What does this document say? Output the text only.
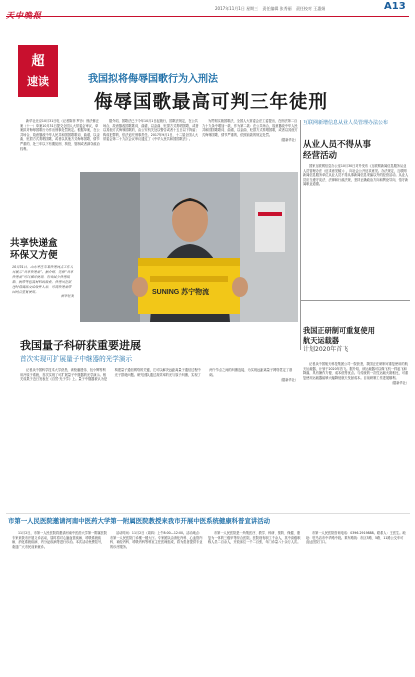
2017年11月1日 星期三 责任编辑 张秀丽 责任校对 王惠娟	A13
超
速读	我国拟将侮辱国歌行为入刑法
侮辱国歌最高可判三年徒刑

新华社北京10月31日电（记者陈菲 罗沙）刑法修正案（十一）草案10月31日提交全国人大常委会审议，草案拟对侮辱国歌行为作出刑事处罚规定。根据草案，在公共场合，故意篡改中华人民共和国国歌歌词、曲谱，以歪曲、贬损方式奏唱国歌，或者以其他方式侮辱国歌，情节严重的，处三年以下有期徒刑、拘役、管制或者剥夺政治权利。

据介绍，国歌法已于今年10月1日起施行，国歌法规定，在公共场合，故意篡改国歌歌词、曲谱，以歪曲、贬损方式奏唱国歌，或者以其他方式侮辱国歌的，由公安机关处以警告或者十五日以下拘留；构成犯罪的，依法追究刑事责任。2017年9月1日，十二届全国人大常委会第二十九次会议审议通过了《中华人民共和国国歌法》。

为贯彻实施国歌法，全国人大常委会法工委提出，在刑法第二百九十九条中增加一款，作为第二款：在公共场合，故意篡改中华人民共和国国歌歌词、曲谱，以歪曲、贬损方式奏唱国歌，或者以其他方式侮辱国歌，情节严重的，依照前款的规定处罚。

（据新华社）
互联网新增信息从业人员管理办法公布
从业人员不得从事
经营活动

国家互联网信息办公室10月30日对外发布《互联网新闻信息服务从业人员管理办法（征求意见稿）》，向社会公开征求意见。办法规定，互联网新闻信息服务单位从业人员不得从事新闻信息采编以外的经营活动。从业人员应当遵守宪法、法律和行政法规，坚持正确政治方向和舆论导向，恪守新闻职业道德。

共享快递盒
环保又方便
10月31日，山东枣庄市某快递网点工作人员展示“共享快递盒”。据介绍，这种“共享快递盒”可以循环使用，有效减少快递纸箱、胶带等包装材料的浪费。快递员在派送时将商品交给收件人后，可将快递盒带回网点重复使用。
新华社发
SUNING 苏宁物流
我国量子科研获重要进展
首次实现可扩展量子中继器的光学演示

记者从中国科学技术大学获悉，该校潘建伟、包小辉等利用冷原子系统，首次实现了可扩展量子中继器的光学演示。相关成果于近日发表在《自然·光子学》上。量子中继器被认为是构建量子通信网络的关键，它可以解决远距离量子通信过程中光子损耗问题。研究团队通过高效率的光与原子纠缠，实现了两个节点之间的纠缠连接，为实现远距离量子网络奠定了基础。

（据新华社）
我国正研制可重复使用
航天运载器
计划2020年首飞

记者从中国航天科技集团公司一院获悉，我国正在研制可重复使用的航天运载器，计划于2020年首飞。据介绍，该运载器可以像飞机一样起飞和降落，具有操作方便、成本低等优点。与传统的一次性运载火箭相比，可重复使用运载器能够大幅降低航天发射成本。目前研制工作进展顺利。

（据新华社）
市第一人民医院邀请河南中医药大学第一附属医院教授来我市开展中医系统健康科普宣讲活动

11月2日，市第一人民医院将邀请河南中医药大学第一附属医院专家来我市开展义诊活动，届时将对心脑血管疾病、呼吸系统疾病、消化系统疾病、内分泌疾病等进行诊治。本次活动免费挂号，欢迎广大市民前来就诊。

活动时间：11月2日（周四）上午8:00—12:00。活动地点：市第一人民医院门诊楼一楼大厅。专家团队由消化内科、心血管内科、神经内科、呼吸内科等科室主任医师组成，将为患者提供专业的诊疗服务。

市第一人民医院是一所集医疗、教学、科研、预防、保健、康复为一体的三级甲等综合医院。医院现有职工千余人，其中高级职称人员二百余人，开放床位一千二百张，年门诊量八十余万人次。

市第一人民医院咨询电话：0396-2919888。联系人：王医生。地址：驻马店市中华路中段。乘车路线：市区3路、5路、11路公交车可直达医院门口。
